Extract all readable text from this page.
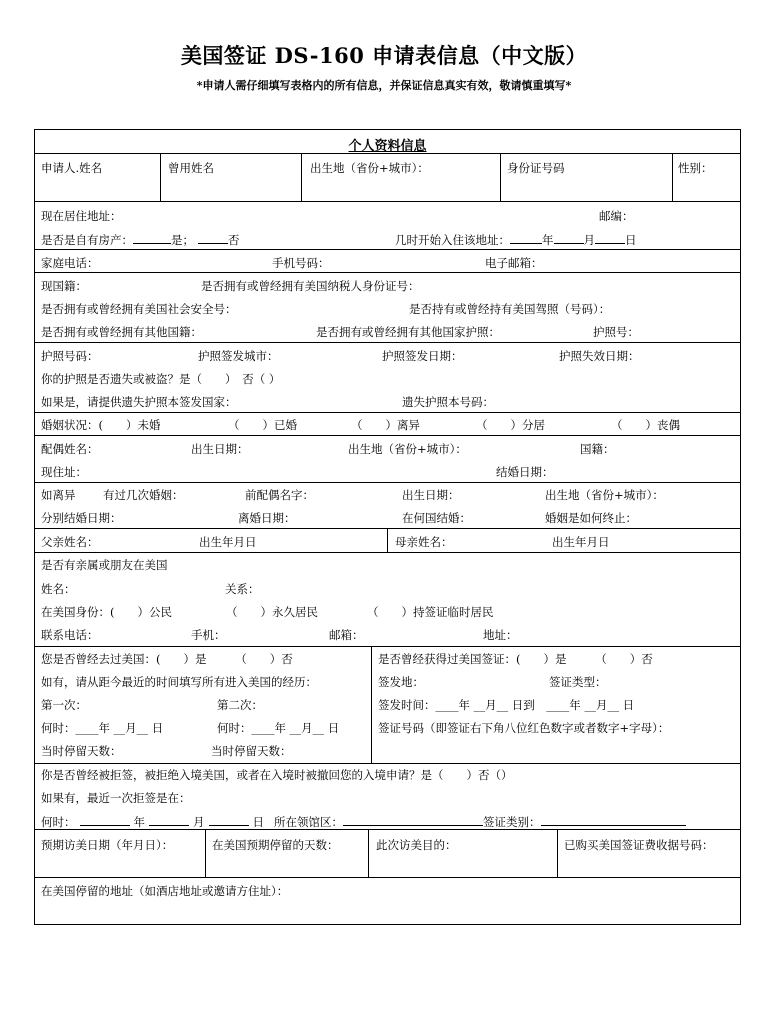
美国签证 DS-160 申请表信息（中文版）
*申请人需仔细填写表格内的所有信息，并保证信息真实有效，敬请慎重填写*
个人资料信息
申请人.姓名	曾用姓名	出生地（省份+城市）：	身份证号码	性别：
现在居住地址：	邮编：
是否是自有房产：	是；	否	几时开始入住该地址：	年	月	日
家庭电话：	手机号码：	电子邮箱：
现国籍：	是否拥有或曾经拥有美国纳税人身份证号：
是否拥有或曾经拥有美国社会安全号：	是否持有或曾经持有美国驾照（号码）：
是否拥有或曾经拥有其他国籍：	是否拥有或曾经拥有其他国家护照：	护照号：
护照号码：	护照签发城市：	护照签发日期：	护照失效日期：
你的护照是否遗失或被盗？是（　　）　否（ ）
如果是，请提供遗失护照本签发国家：	遗失护照本号码：
婚姻状况：(　　）未婚	（　　）已婚	（　　）离异	（　　）分居	（　　）丧偶
配偶姓名：	出生日期：	出生地（省份+城市）：	国籍：
现住址：	结婚日期：
如离异 有过几次婚姻：	前配偶名字：	出生日期：	出生地（省份+城市）：
分别结婚日期：	离婚日期：	在何国结婚：	婚姻是如何终止：
父亲姓名：	出生年月日	母亲姓名：	出生年月日
是否有亲属或朋友在美国
姓名：	关系：
在美国身份：(　　）公民	（　　）永久居民	（　　）持签证临时居民
联系电话：	手机：	邮箱：	地址：
您是否曾经去过美国：(　　）是　　　（　　）否
如有，请从距今最近的时间填写所有进入美国的经历：
第一次：	第二次：
何时：____年 __月__ 日	何时：____年 __月__ 日
当时停留天数：	当时停留天数：
是否曾经获得过美国签证：(　　）是　　　（　　）否
签发地：	签证类型：
签发时间：____年 __月__ 日到　____年 __月__ 日
签证号码（即签证右下角八位红色数字或者数字+字母）：
你是否曾经被拒签，被拒绝入境美国，或者在入境时被撤回您的入境申请？是（　　）否（）
如果有，最近一次拒签是在：
何时：	年	月	日 所在领馆区：	签证类别：
预期访美日期（年月日）：	在美国预期停留的天数：	此次访美目的：	已购买美国签证费收据号码：
在美国停留的地址（如酒店地址或邀请方住址）：
